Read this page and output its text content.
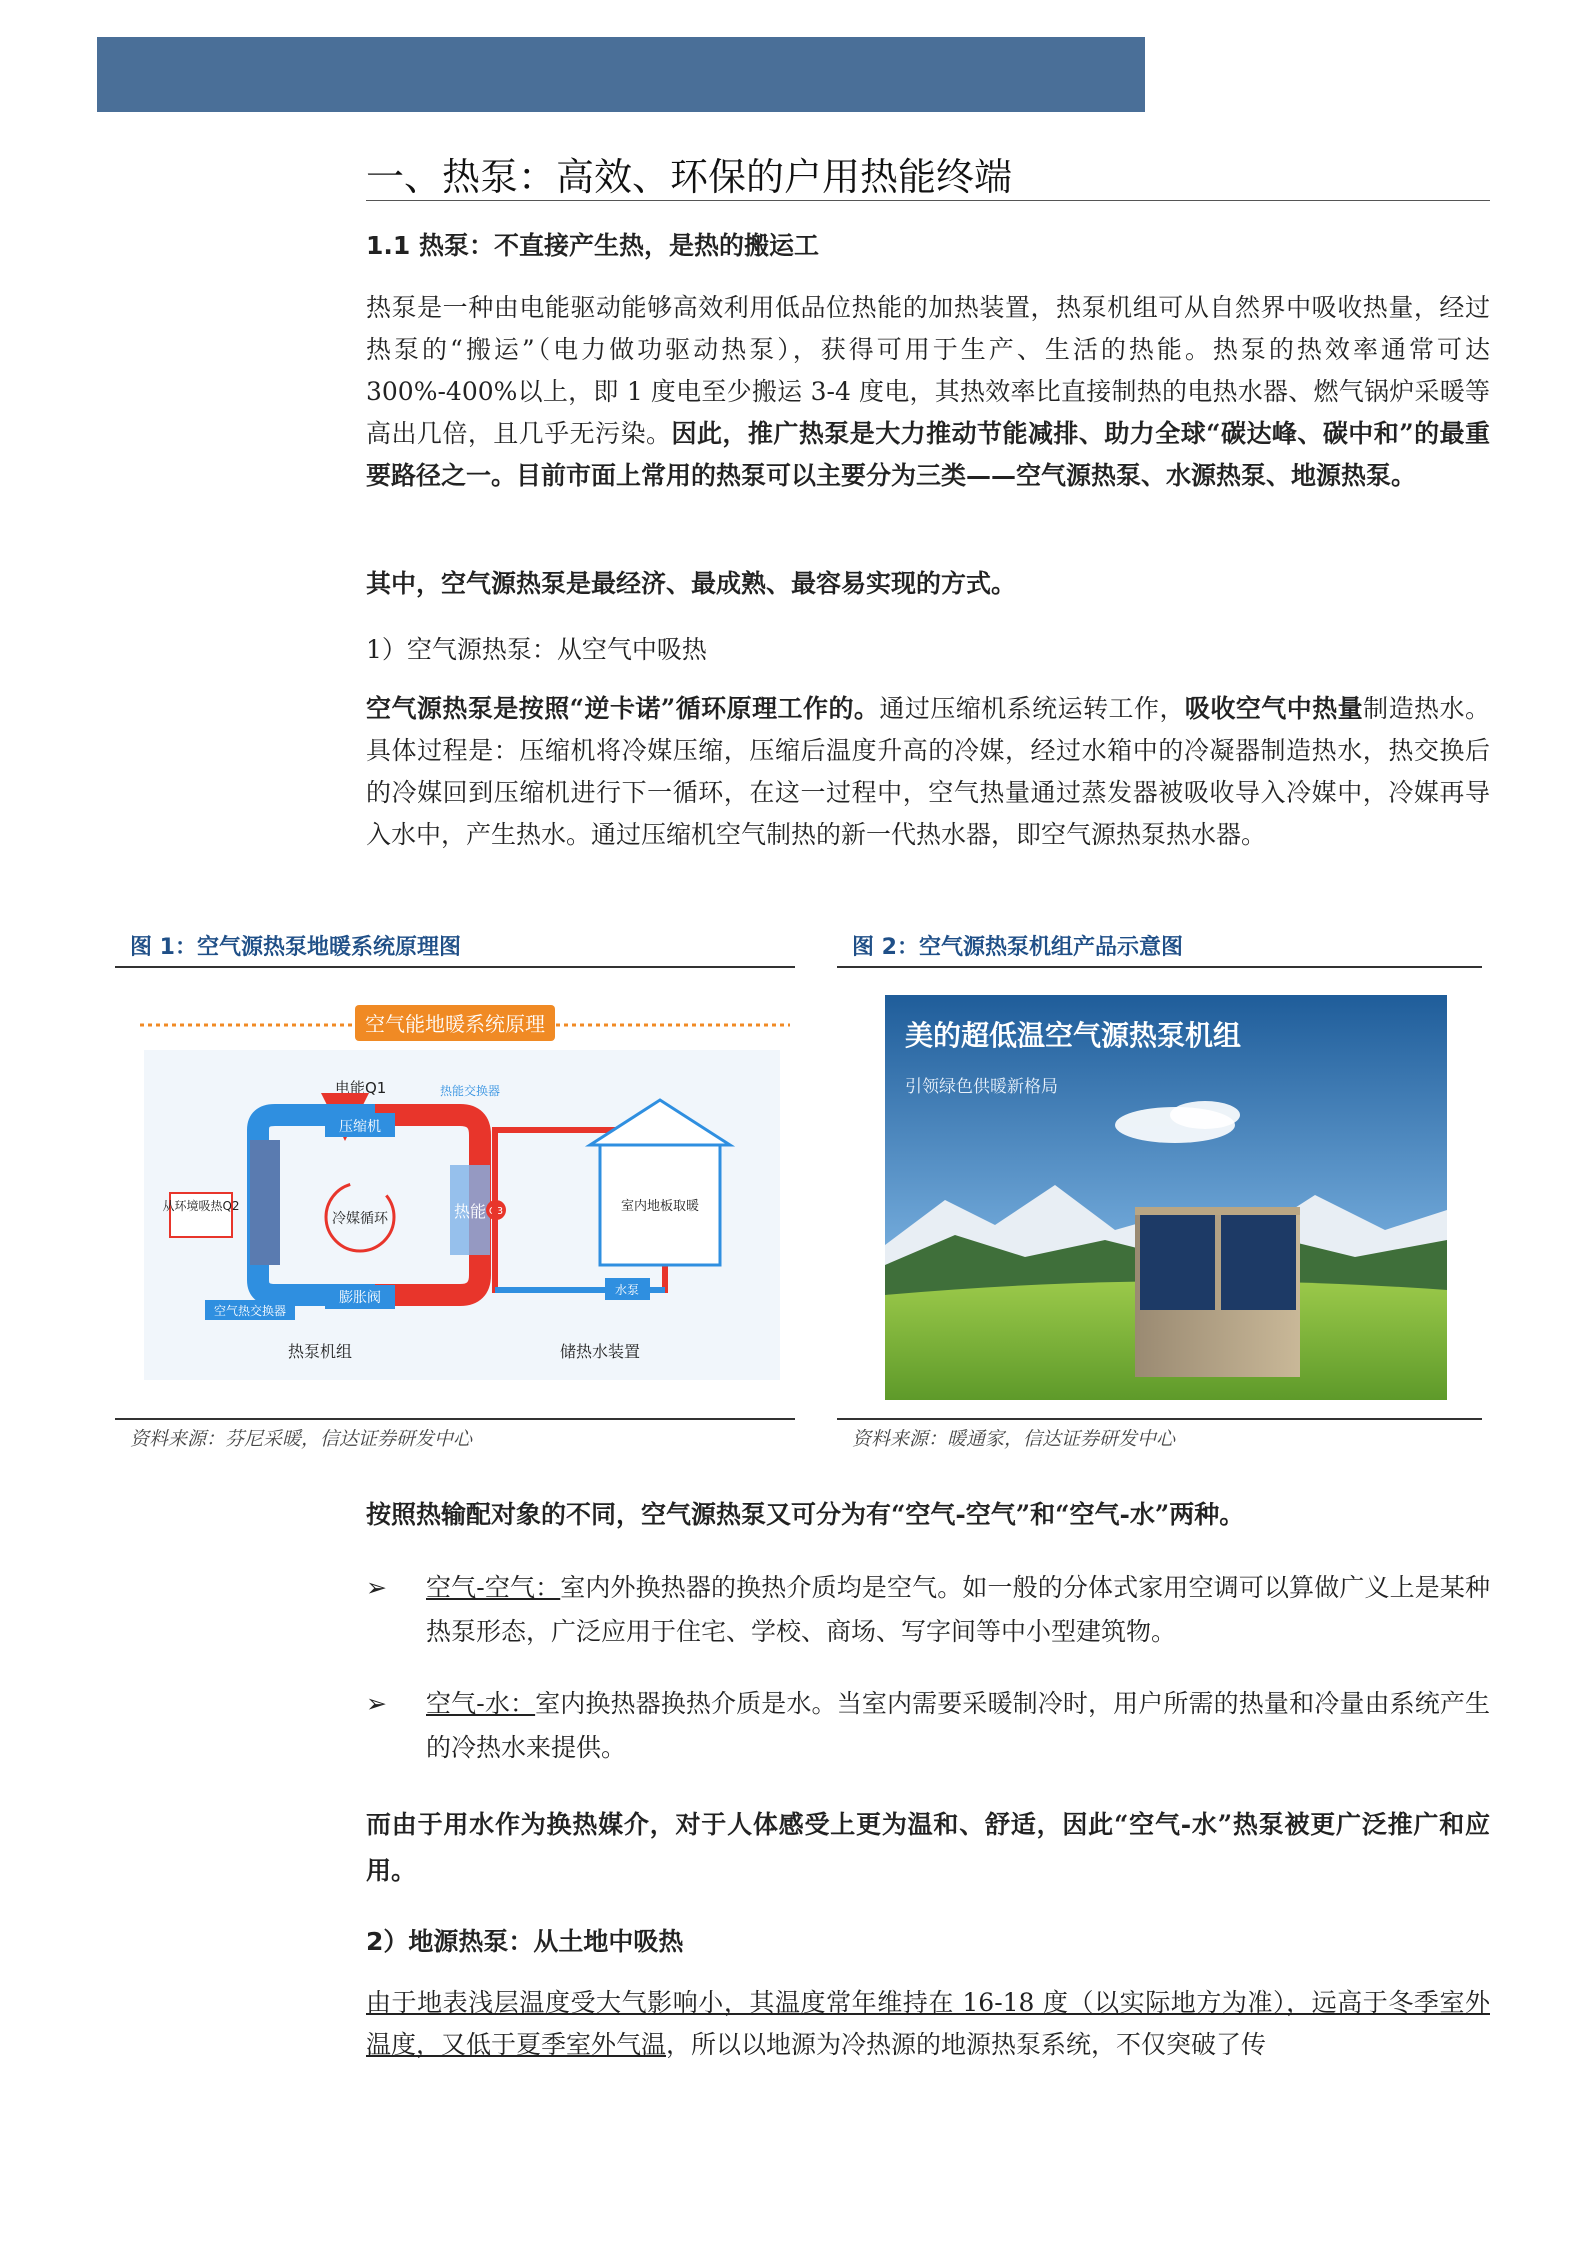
一、热泵：高效、环保的户用热能终端

1.1 热泵：不直接产生热，是热的搬运工

热泵是一种由电能驱动能够高效利用低品位热能的加热装置，热泵机组可从自然界中吸收热量，经过热泵的“搬运”（电力做功驱动热泵），获得可用于生产、生活的热能。热泵的热效率通常可达 300%-400%以上，即 1 度电至少搬运 3-4 度电，其热效率比直接制热的电热水器、燃气锅炉采暖等高出几倍，且几乎无污染。因此，推广热泵是大力推动节能减排、助力全球“碳达峰、碳中和”的最重要路径之一。目前市面上常用的热泵可以主要分为三类——空气源热泵、水源热泵、地源热泵。

其中，空气源热泵是最经济、最成熟、最容易实现的方式。

1）空气源热泵：从空气中吸热

空气源热泵是按照“逆卡诺”循环原理工作的。通过压缩机系统运转工作，吸收空气中热量制造热水。具体过程是：压缩机将冷媒压缩，压缩后温度升高的冷媒，经过水箱中的冷凝器制造热水，热交换后的冷媒回到压缩机进行下一循环，在这一过程中，空气热量通过蒸发器被吸收导入冷媒中，冷媒再导入水中，产生热水。通过压缩机空气制热的新一代热水器，即空气源热泵热水器。

图 1：空气源热泵地暖系统原理图

空气能地暖系统原理
电能Q1
压缩机
膨胀阀
从环境吸热Q2
冷媒循环
热能交换器
热能 Q3	室内地板取暖
水泵
空气热交换器
热泵机组	储热水装置

资料来源：芬尼采暖，信达证券研发中心

图 2：空气源热泵机组产品示意图

美的超低温空气源热泵机组
引领绿色供暖新格局

资料来源：暖通家，信达证券研发中心

按照热输配对象的不同，空气源热泵又可分为有“空气-空气”和“空气-水”两种。

➢ 空气-空气：室内外换热器的换热介质均是空气。如一般的分体式家用空调可以算做广义上是某种热泵形态，广泛应用于住宅、学校、商场、写字间等中小型建筑物。
➢ 空气-水：室内换热器换热介质是水。当室内需要采暖制冷时，用户所需的热量和冷量由系统产生的冷热水来提供。

而由于用水作为换热媒介，对于人体感受上更为温和、舒适，因此“空气-水”热泵被更广泛推广和应用。

2）地源热泵：从土地中吸热

由于地表浅层温度受大气影响小，其温度常年维持在 16-18 度（以实际地方为准），远高于冬季室外温度，又低于夏季室外气温，所以以地源为冷热源的地源热泵系统，不仅突破了传
